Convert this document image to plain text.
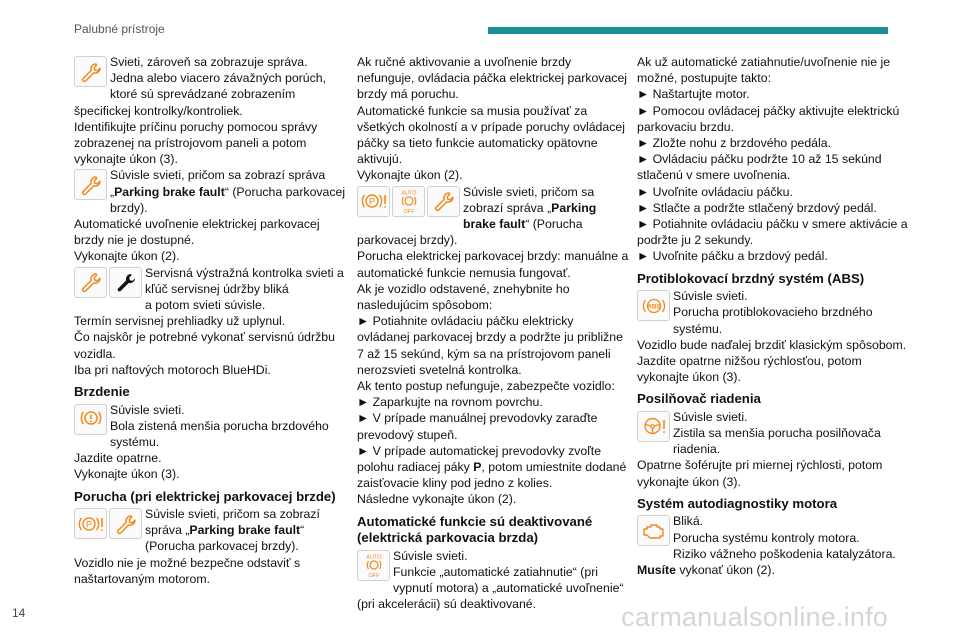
Palubné prístroje

Svieti, zároveň sa zobrazuje správa.

Jedna alebo viacero závažných porúch,

ktoré sú sprevádzané zobrazením špecifickej kontrolky/kontroliek.

Identifikujte príčinu poruchy pomocou správy zobrazenej na prístrojovom paneli a potom vykonajte úkon (3).

Súvisle svieti, pričom sa zobrazí správa „Parking brake fault“ (Porucha parkovacej brzdy).

Automatické uvoľnenie elektrickej parkovacej brzdy nie je dostupné.

Vykonajte úkon (2).

Servisná výstražná kontrolka svieti a kľúč servisnej údržby bliká

a potom svieti súvisle.

Termín servisnej prehliadky už uplynul.

Čo najskôr je potrebné vykonať servisnú údržbu vozidla.

Iba pri naftových motoroch BlueHDi.

Brzdenie

Súvisle svieti.

Bola zistená menšia porucha brzdového systému.

Jazdite opatrne.

Vykonajte úkon (3).

Porucha (pri elektrickej parkovacej brzde)
P

Súvisle svieti, pričom sa zobrazí správa „Parking brake fault“ (Porucha parkovacej brzdy).

Vozidlo nie je možné bezpečne odstaviť s naštartovaným motorom.

Ak ručné aktivovanie a uvoľnenie brzdy nefunguje, ovládacia páčka elektrickej parkovacej brzdy má poruchu.

Automatické funkcie sa musia používať za všetkých okolností a v prípade poruchy ovládacej páčky sa tieto funkcie automaticky opätovne aktivujú.

Vykonajte úkon (2).

P
AUTO
OFF

Súvisle svieti, pričom sa zobrazí správa „Parking brake fault“ (Porucha parkovacej brzdy).

Porucha elektrickej parkovacej brzdy: manuálne a automatické funkcie nemusia fungovať.

Ak je vozidlo odstavené, znehybnite ho nasledujúcim spôsobom:

► Potiahnite ovládaciu páčku elektricky ovládanej parkovacej brzdy a podržte ju približne 7 až 15 sekúnd, kým sa na prístrojovom paneli nerozsvieti svetelná kontrolka.

Ak tento postup nefunguje, zabezpečte vozidlo:

► Zaparkujte na rovnom povrchu.

► V prípade manuálnej prevodovky zaraďte prevodový stupeň.

► V prípade automatickej prevodovky zvoľte polohu radiacej páky P, potom umiestnite dodané zaisťovacie kliny pod jedno z kolies.

Následne vykonajte úkon (2).

Automatické funkcie sú deaktivované (elektrická parkovacia brzda)
AUTO
OFF

Súvisle svieti.

Funkcie „automatické zatiahnutie“ (pri vypnutí motora) a „automatické uvoľnenie“ (pri akcelerácii) sú deaktivované.

Ak už automatické zatiahnutie/uvoľnenie nie je možné, postupujte takto:

► Naštartujte motor.

► Pomocou ovládacej páčky aktivujte elektrickú parkovaciu brzdu.

► Zložte nohu z brzdového pedála.

► Ovládaciu páčku podržte 10 až 15 sekúnd stlačenú v smere uvoľnenia.

► Uvoľnite ovládaciu páčku.

► Stlačte a podržte stlačený brzdový pedál.

► Potiahnite ovládaciu páčku v smere aktivácie a podržte ju 2 sekundy.

► Uvoľnite páčku a brzdový pedál.

Protiblokovací brzdný systém (ABS)
ABS

Súvisle svieti.

Porucha protiblokovacieho brzdného systému.

Vozidlo bude naďalej brzdiť klasickým spôsobom.

Jazdite opatrne nižšou rýchlosťou, potom vykonajte úkon (3).

Posilňovač riadenia

Súvisle svieti.

Zistila sa menšia porucha posilňovača riadenia.

Opatrne šoférujte pri miernej rýchlosti, potom vykonajte úkon (3).

Systém autodiagnostiky motora

Bliká.

Porucha systému kontroly motora.

Riziko vážneho poškodenia katalyzátora.

Musíte vykonať úkon (2).

14	carmanualsonline.info
